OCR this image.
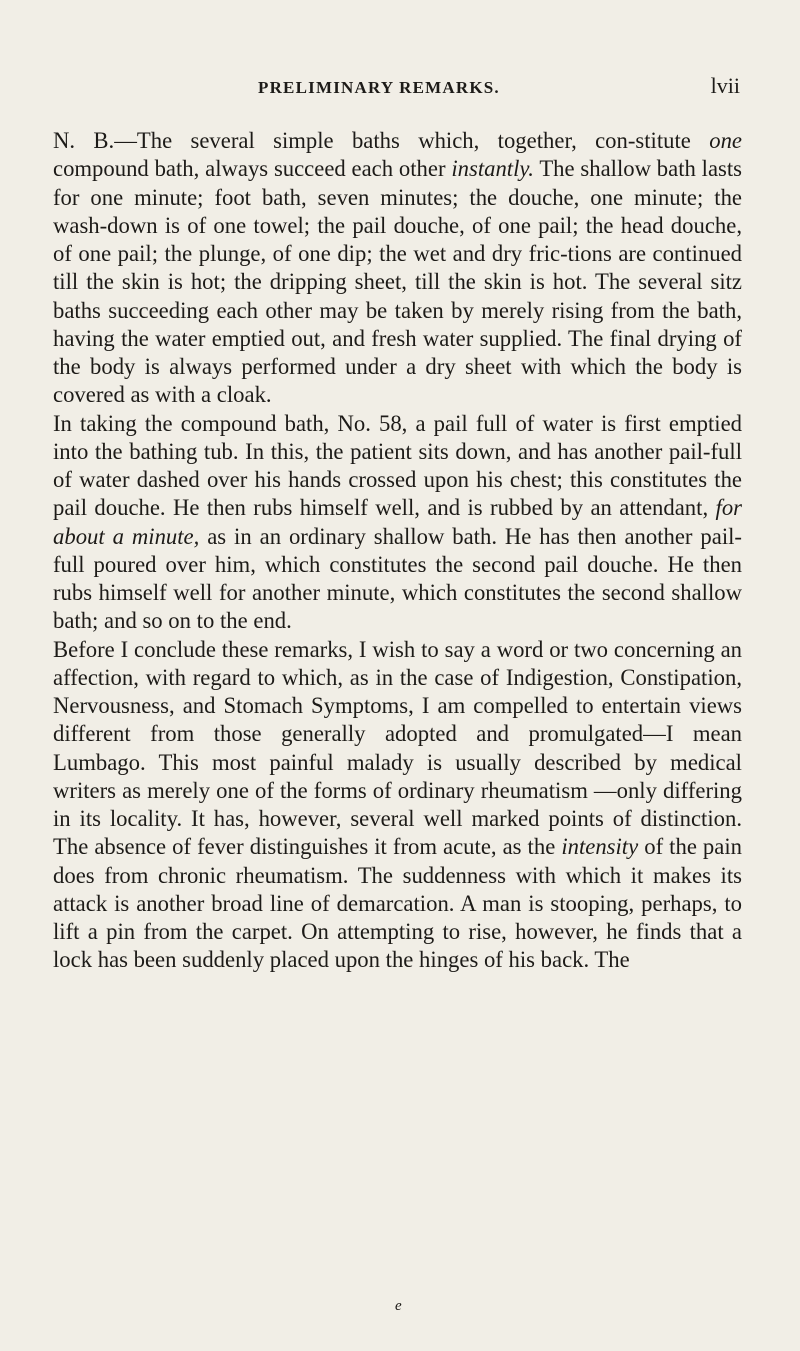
PRELIMINARY REMARKS.	lvii

N. B.—The several simple baths which, together, con-stitute one compound bath, always succeed each other instantly. The shallow bath lasts for one minute; foot bath, seven minutes; the douche, one minute; the wash-down is of one towel; the pail douche, of one pail; the head douche, of one pail; the plunge, of one dip; the wet and dry fric-tions are continued till the skin is hot; the dripping sheet, till the skin is hot. The several sitz baths succeeding each other may be taken by merely rising from the bath, having the water emptied out, and fresh water supplied. The final drying of the body is always performed under a dry sheet with which the body is covered as with a cloak.

In taking the compound bath, No. 58, a pail full of water is first emptied into the bathing tub. In this, the patient sits down, and has another pail-full of water dashed over his hands crossed upon his chest; this constitutes the pail douche. He then rubs himself well, and is rubbed by an attendant, for about a minute, as in an ordinary shallow bath. He has then another pail-full poured over him, which constitutes the second pail douche. He then rubs himself well for another minute, which constitutes the second shallow bath; and so on to the end.

Before I conclude these remarks, I wish to say a word or two concerning an affection, with regard to which, as in the case of Indigestion, Constipation, Nervousness, and Stomach Symptoms, I am compelled to entertain views different from those generally adopted and promulgated—I mean Lumbago. This most painful malady is usually described by medical writers as merely one of the forms of ordinary rheumatism —only differing in its locality. It has, however, several well marked points of distinction. The absence of fever distinguishes it from acute, as the intensity of the pain does from chronic rheumatism. The suddenness with which it makes its attack is another broad line of demarcation. A man is stooping, perhaps, to lift a pin from the carpet. On attempting to rise, however, he finds that a lock has been suddenly placed upon the hinges of his back. The

e
